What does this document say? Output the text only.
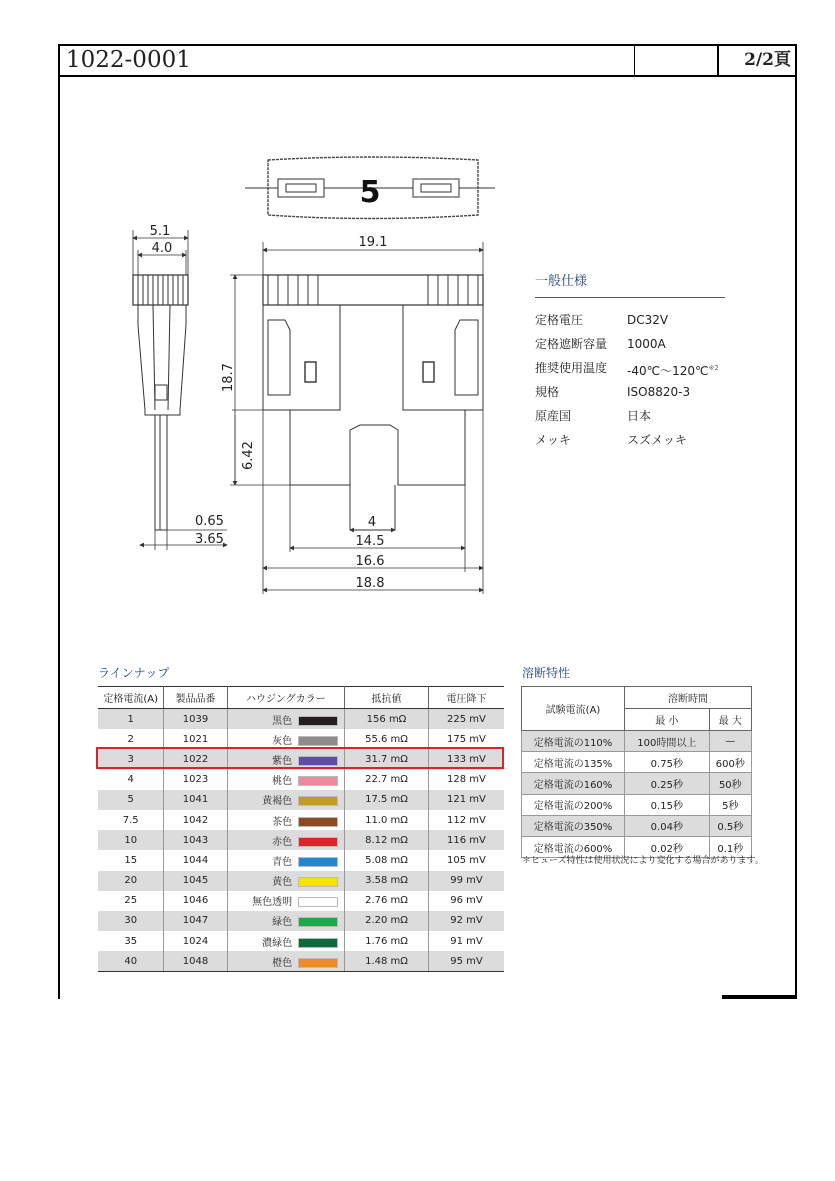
1022-0001	2/2頁
5
5.1
4.0	19.1
18.7
6.42
0.65
3.65
4
14.5
16.6
18.8
一般仕様
定格電圧	DC32V
定格遮断容量	1000A
推奨使用温度	-40℃〜120℃$^{※2}$
規格	ISO8820-3
原産国	日本
メッキ	スズメッキ
ラインナップ
定格電流(A)	製品品番	ハウジングカラー	抵抗値	電圧降下
1	1039	黒色	156 mΩ	225 mV
2	1021	灰色	55.6 mΩ	175 mV
3	1022	紫色	31.7 mΩ	133 mV
4	1023	桃色	22.7 mΩ	128 mV
5	1041	黄褐色	17.5 mΩ	121 mV
7.5	1042	茶色	11.0 mΩ	112 mV
10	1043	赤色	8.12 mΩ	116 mV
15	1044	青色	5.08 mΩ	105 mV
20	1045	黄色	3.58 mΩ	99 mV
25	1046	無色透明	2.76 mΩ	96 mV
30	1047	緑色	2.20 mΩ	92 mV
35	1024	濃緑色	1.76 mΩ	91 mV
40	1048	橙色	1.48 mΩ	95 mV
溶断特性
試験電流(A)	溶断時間	
	最 小	最 大
定格電流の110%	100時間以上	—
定格電流の135%	0.75秒	600秒
定格電流の160%	0.25秒	50秒
定格電流の200%	0.15秒	5秒
定格電流の350%	0.04秒	0.5秒
定格電流の600%	0.02秒	0.1秒
＊ヒューズ特性は使用状況により変化する場合があります。
